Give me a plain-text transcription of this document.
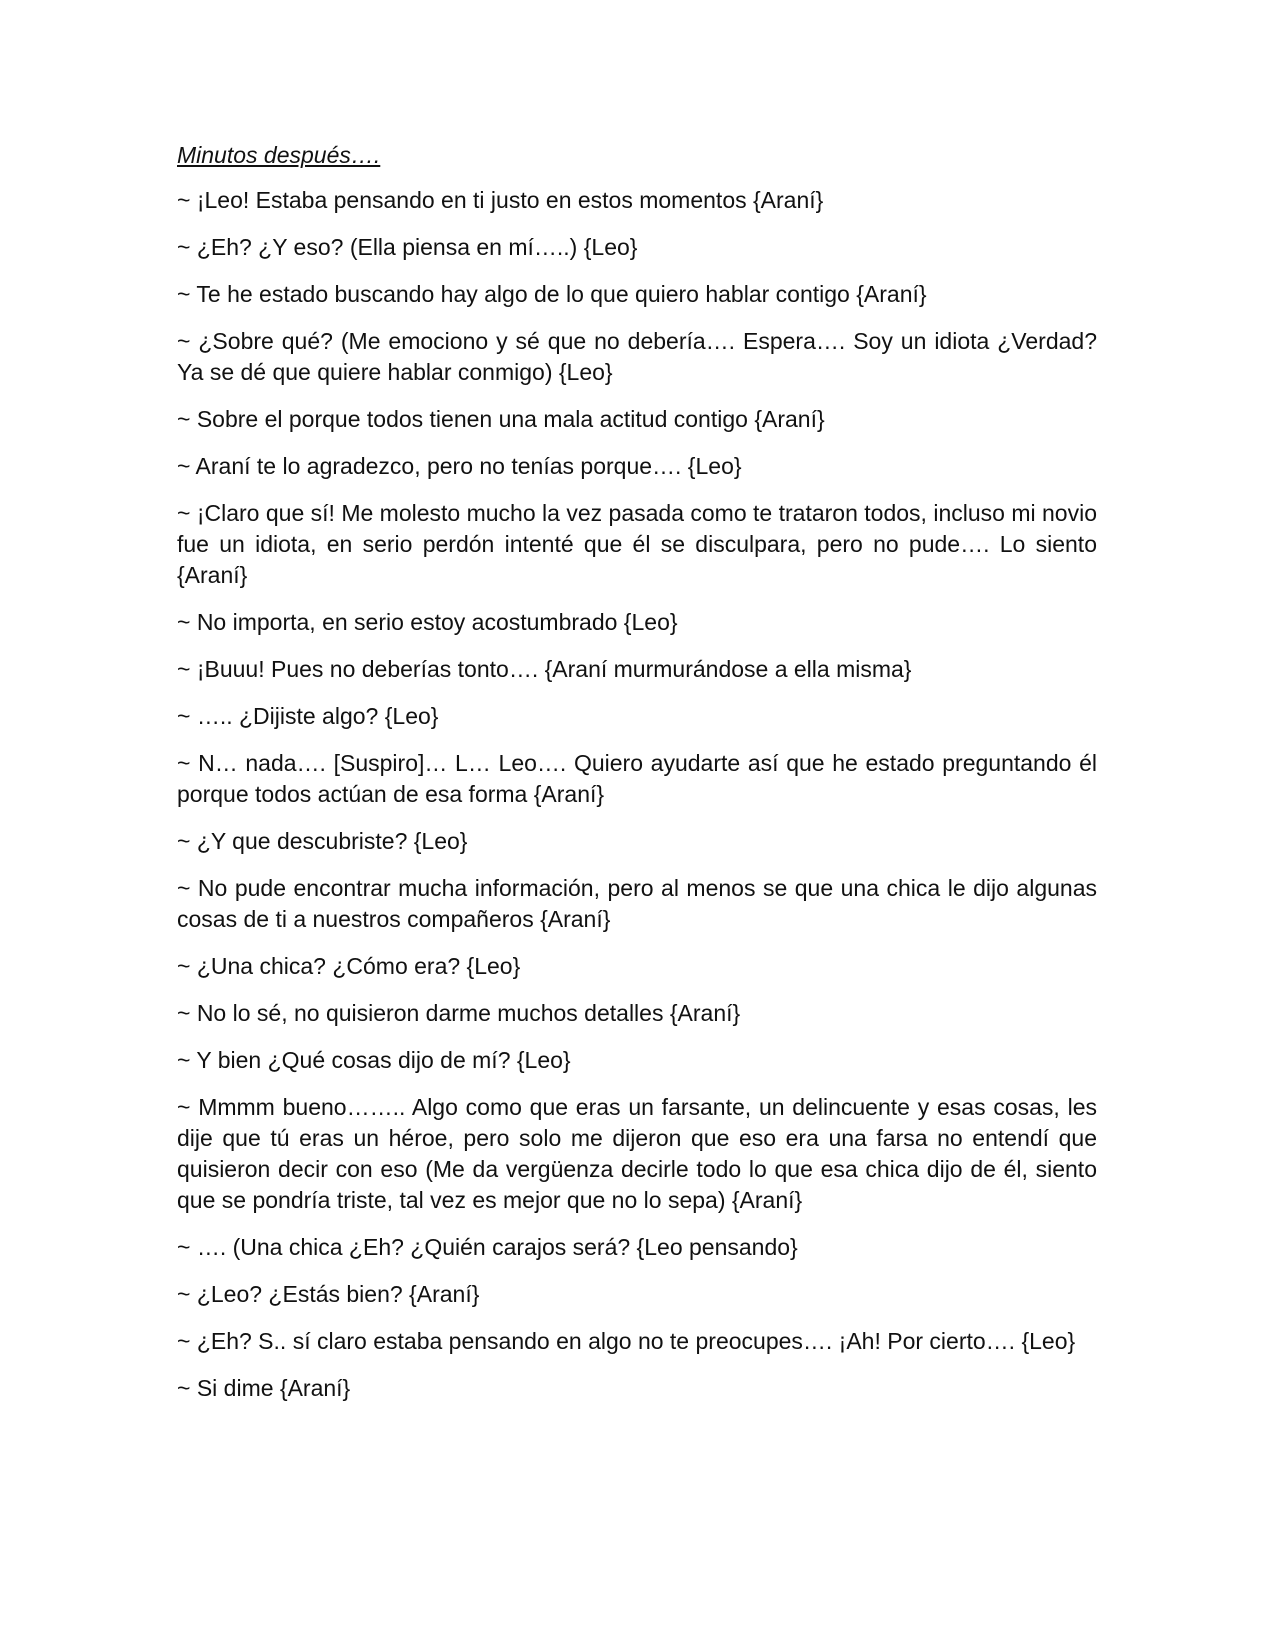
Minutos después….

~ ¡Leo! Estaba pensando en ti justo en estos momentos {Araní}

~ ¿Eh? ¿Y eso? (Ella piensa en mí…..) {Leo}

~ Te he estado buscando hay algo de lo que quiero hablar contigo {Araní}

~ ¿Sobre qué? (Me emociono y sé que no debería…. Espera…. Soy un idiota ¿Verdad? Ya se dé que quiere hablar conmigo) {Leo}

~ Sobre el porque todos tienen una mala actitud contigo {Araní}

~ Araní te lo agradezco, pero no tenías porque…. {Leo}

~ ¡Claro que sí! Me molesto mucho la vez pasada como te trataron todos, incluso mi novio fue un idiota, en serio perdón intenté que él se disculpara, pero no pude…. Lo siento {Araní}

~ No importa, en serio estoy acostumbrado {Leo}

~ ¡Buuu! Pues no deberías tonto…. {Araní murmurándose a ella misma}

~ ….. ¿Dijiste algo? {Leo}

~ N… nada…. [Suspiro]… L… Leo…. Quiero ayudarte así que he estado preguntando él porque todos actúan de esa forma {Araní}

~ ¿Y que descubriste? {Leo}

~ No pude encontrar mucha información, pero al menos se que una chica le dijo algunas cosas de ti a nuestros compañeros {Araní}

~ ¿Una chica? ¿Cómo era? {Leo}

~ No lo sé, no quisieron darme muchos detalles {Araní}

~ Y bien ¿Qué cosas dijo de mí? {Leo}

~ Mmmm bueno…….. Algo como que eras un farsante, un delincuente y esas cosas, les dije que tú eras un héroe, pero solo me dijeron que eso era una farsa no entendí que quisieron decir con eso (Me da vergüenza decirle todo lo que esa chica dijo de él, siento que se pondría triste, tal vez es mejor que no lo sepa) {Araní}

~ …. (Una chica ¿Eh? ¿Quién carajos será? {Leo pensando}

~ ¿Leo? ¿Estás bien? {Araní}

~ ¿Eh? S.. sí claro estaba pensando en algo no te preocupes…. ¡Ah! Por cierto…. {Leo}

~ Si dime {Araní}
